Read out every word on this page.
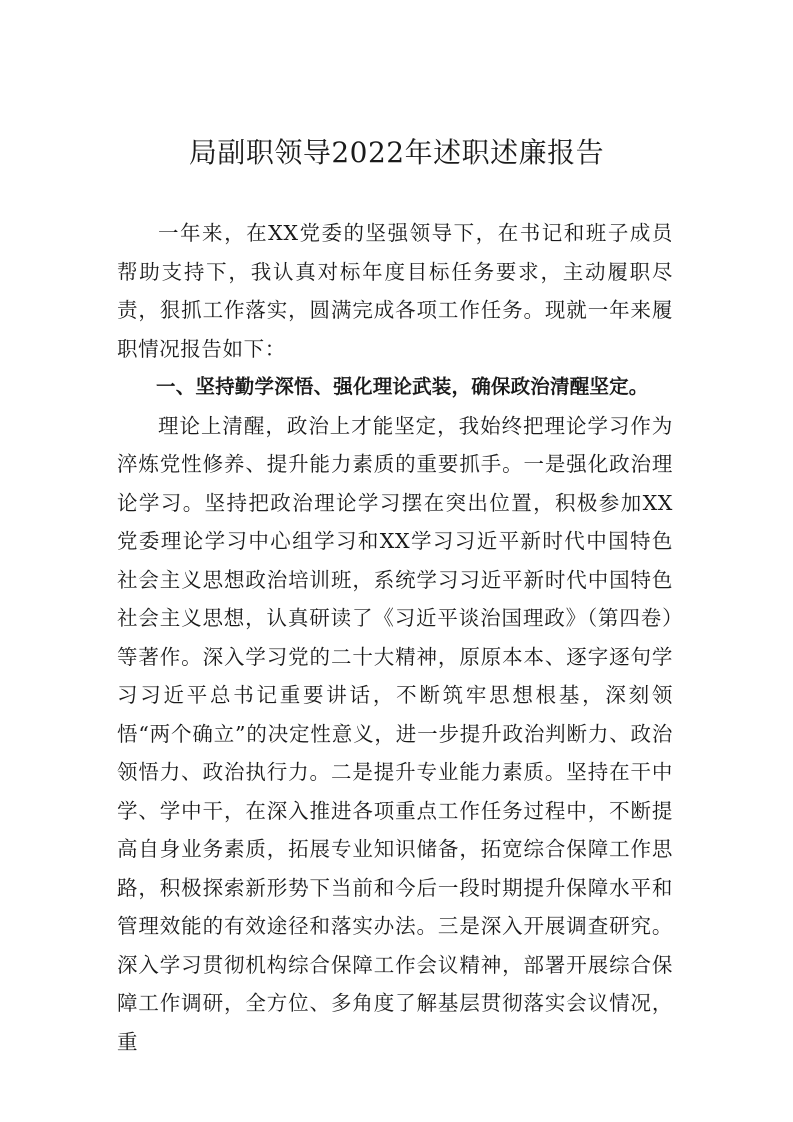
局副职领导2022年述职述廉报告

一年来，在XX党委的坚强领导下，在书记和班子成员帮助支持下，我认真对标年度目标任务要求，主动履职尽责，狠抓工作落实，圆满完成各项工作任务。现就一年来履职情况报告如下：

一、坚持勤学深悟、强化理论武装，确保政治清醒坚定。

理论上清醒，政治上才能坚定，我始终把理论学习作为淬炼党性修养、提升能力素质的重要抓手。一是强化政治理论学习。坚持把政治理论学习摆在突出位置，积极参加XX党委理论学习中心组学习和XX学习习近平新时代中国特色社会主义思想政治培训班，系统学习习近平新时代中国特色社会主义思想，认真研读了《习近平谈治国理政》（第四卷）等著作。深入学习党的二十大精神，原原本本、逐字逐句学习习近平总书记重要讲话，不断筑牢思想根基，深刻领悟“两个确立”的决定性意义，进一步提升政治判断力、政治领悟力、政治执行力。二是提升专业能力素质。坚持在干中学、学中干，在深入推进各项重点工作任务过程中，不断提高自身业务素质，拓展专业知识储备，拓宽综合保障工作思路，积极探索新形势下当前和今后一段时期提升保障水平和管理效能的有效途径和落实办法。三是深入开展调查研究。深入学习贯彻机构综合保障工作会议精神，部署开展综合保障工作调研，全方位、多角度了解基层贯彻落实会议情况，重
